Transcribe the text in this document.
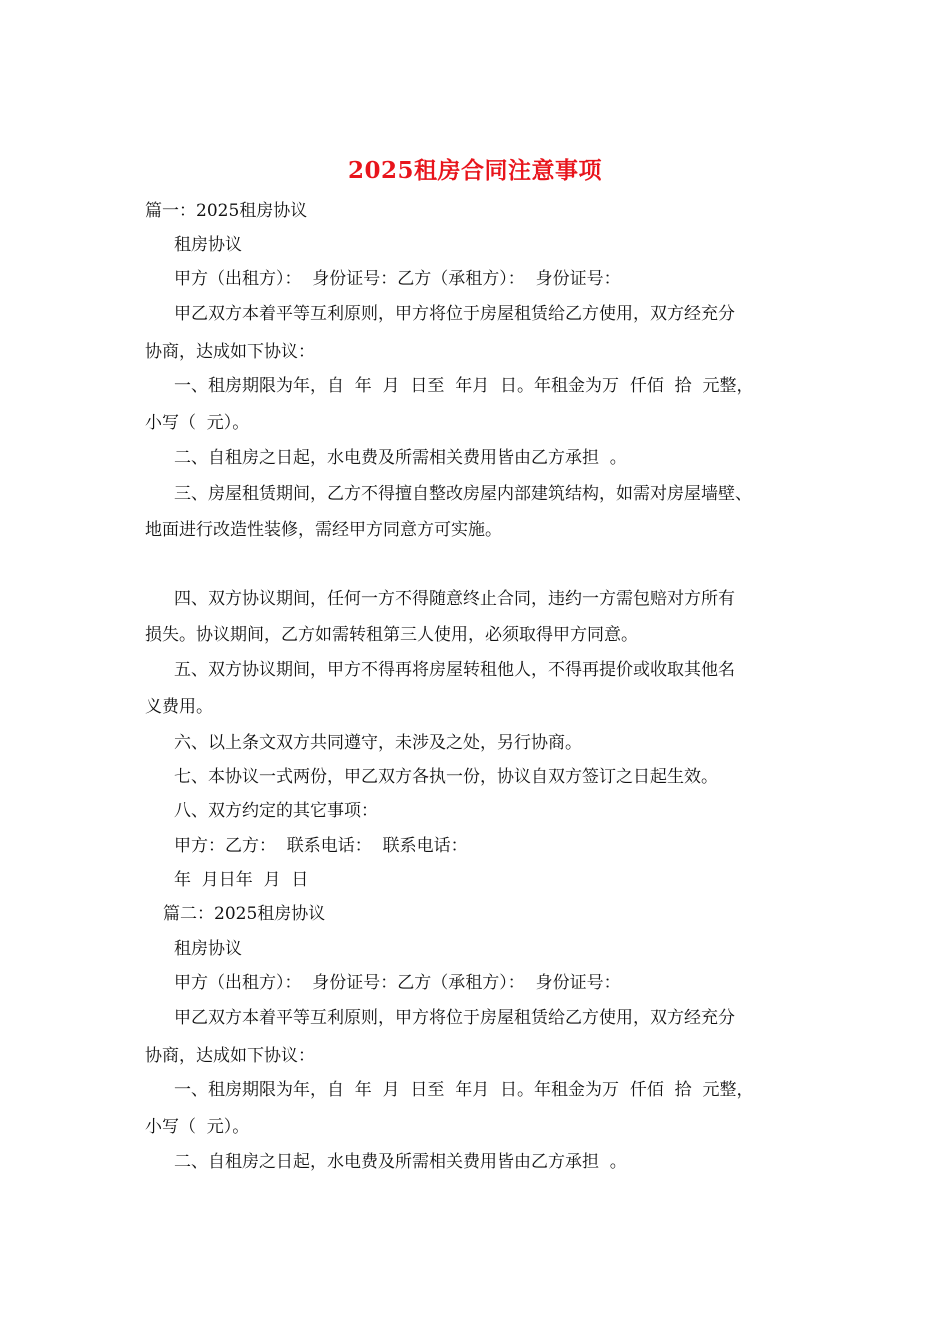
2025租房合同注意事项
篇一：2025租房协议
租房协议
甲方（出租方）：  身份证号：乙方（承租方）：  身份证号：
甲乙双方本着平等互利原则，甲方将位于房屋租赁给乙方使用，双方经充分
协商，达成如下协议：
一、租房期限为年，自  年  月  日至  年月  日。年租金为万  仟佰  拾  元整，
小写（  元）。
二、自租房之日起，水电费及所需相关费用皆由乙方承担  。
三、房屋租赁期间，乙方不得擅自整改房屋内部建筑结构，如需对房屋墙壁、
地面进行改造性装修，需经甲方同意方可实施。
四、双方协议期间，任何一方不得随意终止合同，违约一方需包赔对方所有
损失。协议期间，乙方如需转租第三人使用，必须取得甲方同意。
五、双方协议期间，甲方不得再将房屋转租他人，不得再提价或收取其他名
义费用。
六、以上条文双方共同遵守，未涉及之处，另行协商。
七、本协议一式两份，甲乙双方各执一份，协议自双方签订之日起生效。
八、双方约定的其它事项：
甲方：乙方：  联系电话：  联系电话：
年  月日年  月  日
篇二：2025租房协议
租房协议
甲方（出租方）：  身份证号：乙方（承租方）：  身份证号：
甲乙双方本着平等互利原则，甲方将位于房屋租赁给乙方使用，双方经充分
协商，达成如下协议：
一、租房期限为年，自  年  月  日至  年月  日。年租金为万  仟佰  拾  元整，
小写（  元）。
二、自租房之日起，水电费及所需相关费用皆由乙方承担  。
